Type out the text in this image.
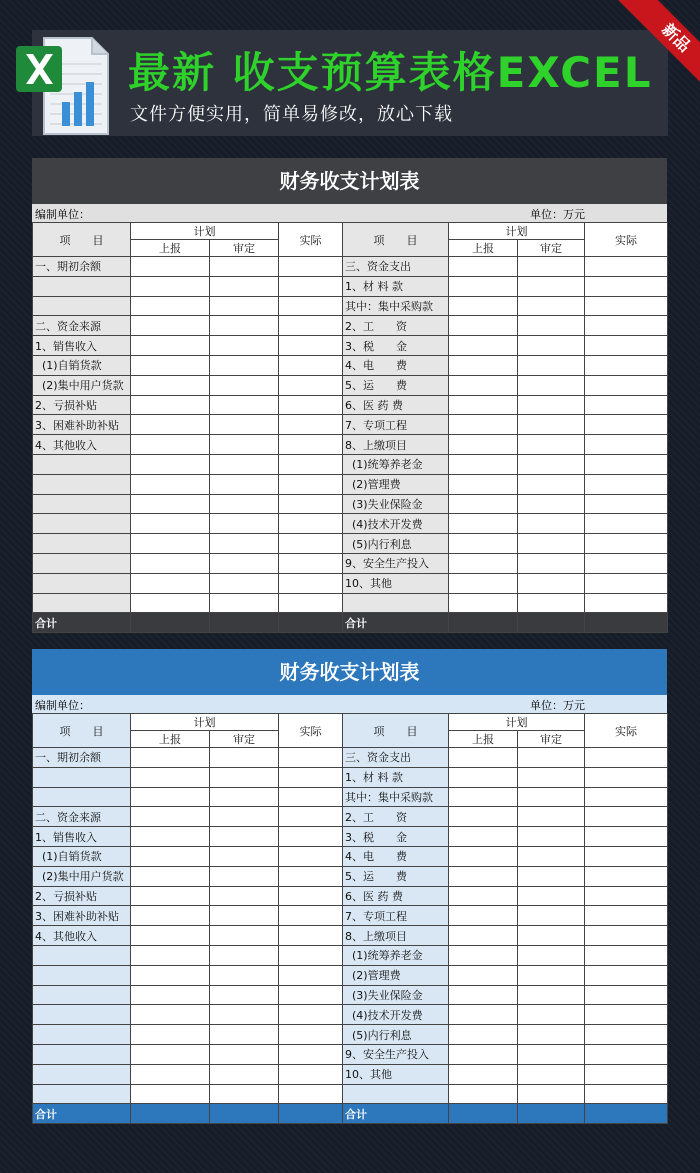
最新 收支预算表格EXCEL
文件方便实用，简单易修改，放心下载
新品
财务收支计划表
编制单位：	单位：万元
项　　目	计划		实际	项　　目	计划		实际
	上报	审定			上报	审定	
一、期初余额				三、资金支出			
				1、材 料 款			
				其中：集中采购款			
二、资金来源				2、工　　资			
1、销售收入				3、税　　金			
(1)自销货款				4、电　　费			
(2)集中用户货款				5、运　　费			
2、亏损补贴				6、医 药 费			
3、困难补助补贴				7、专项工程			
4、其他收入				8、上缴项目			
				(1)统筹养老金			
				(2)管理费			
				(3)失业保险金			
				(4)技术开发费			
				(5)内行利息			
				9、安全生产投入			
				10、其他			

合计				合计			
财务收支计划表
编制单位：	单位：万元
项　　目	计划		实际	项　　目	计划		实际
	上报	审定			上报	审定	
一、期初余额				三、资金支出			
				1、材 料 款			
				其中：集中采购款			
二、资金来源				2、工　　资			
1、销售收入				3、税　　金			
(1)自销货款				4、电　　费			
(2)集中用户货款				5、运　　费			
2、亏损补贴				6、医 药 费			
3、困难补助补贴				7、专项工程			
4、其他收入				8、上缴项目			
				(1)统筹养老金			
				(2)管理费			
				(3)失业保险金			
				(4)技术开发费			
				(5)内行利息			
				9、安全生产投入			
				10、其他			

合计				合计			
